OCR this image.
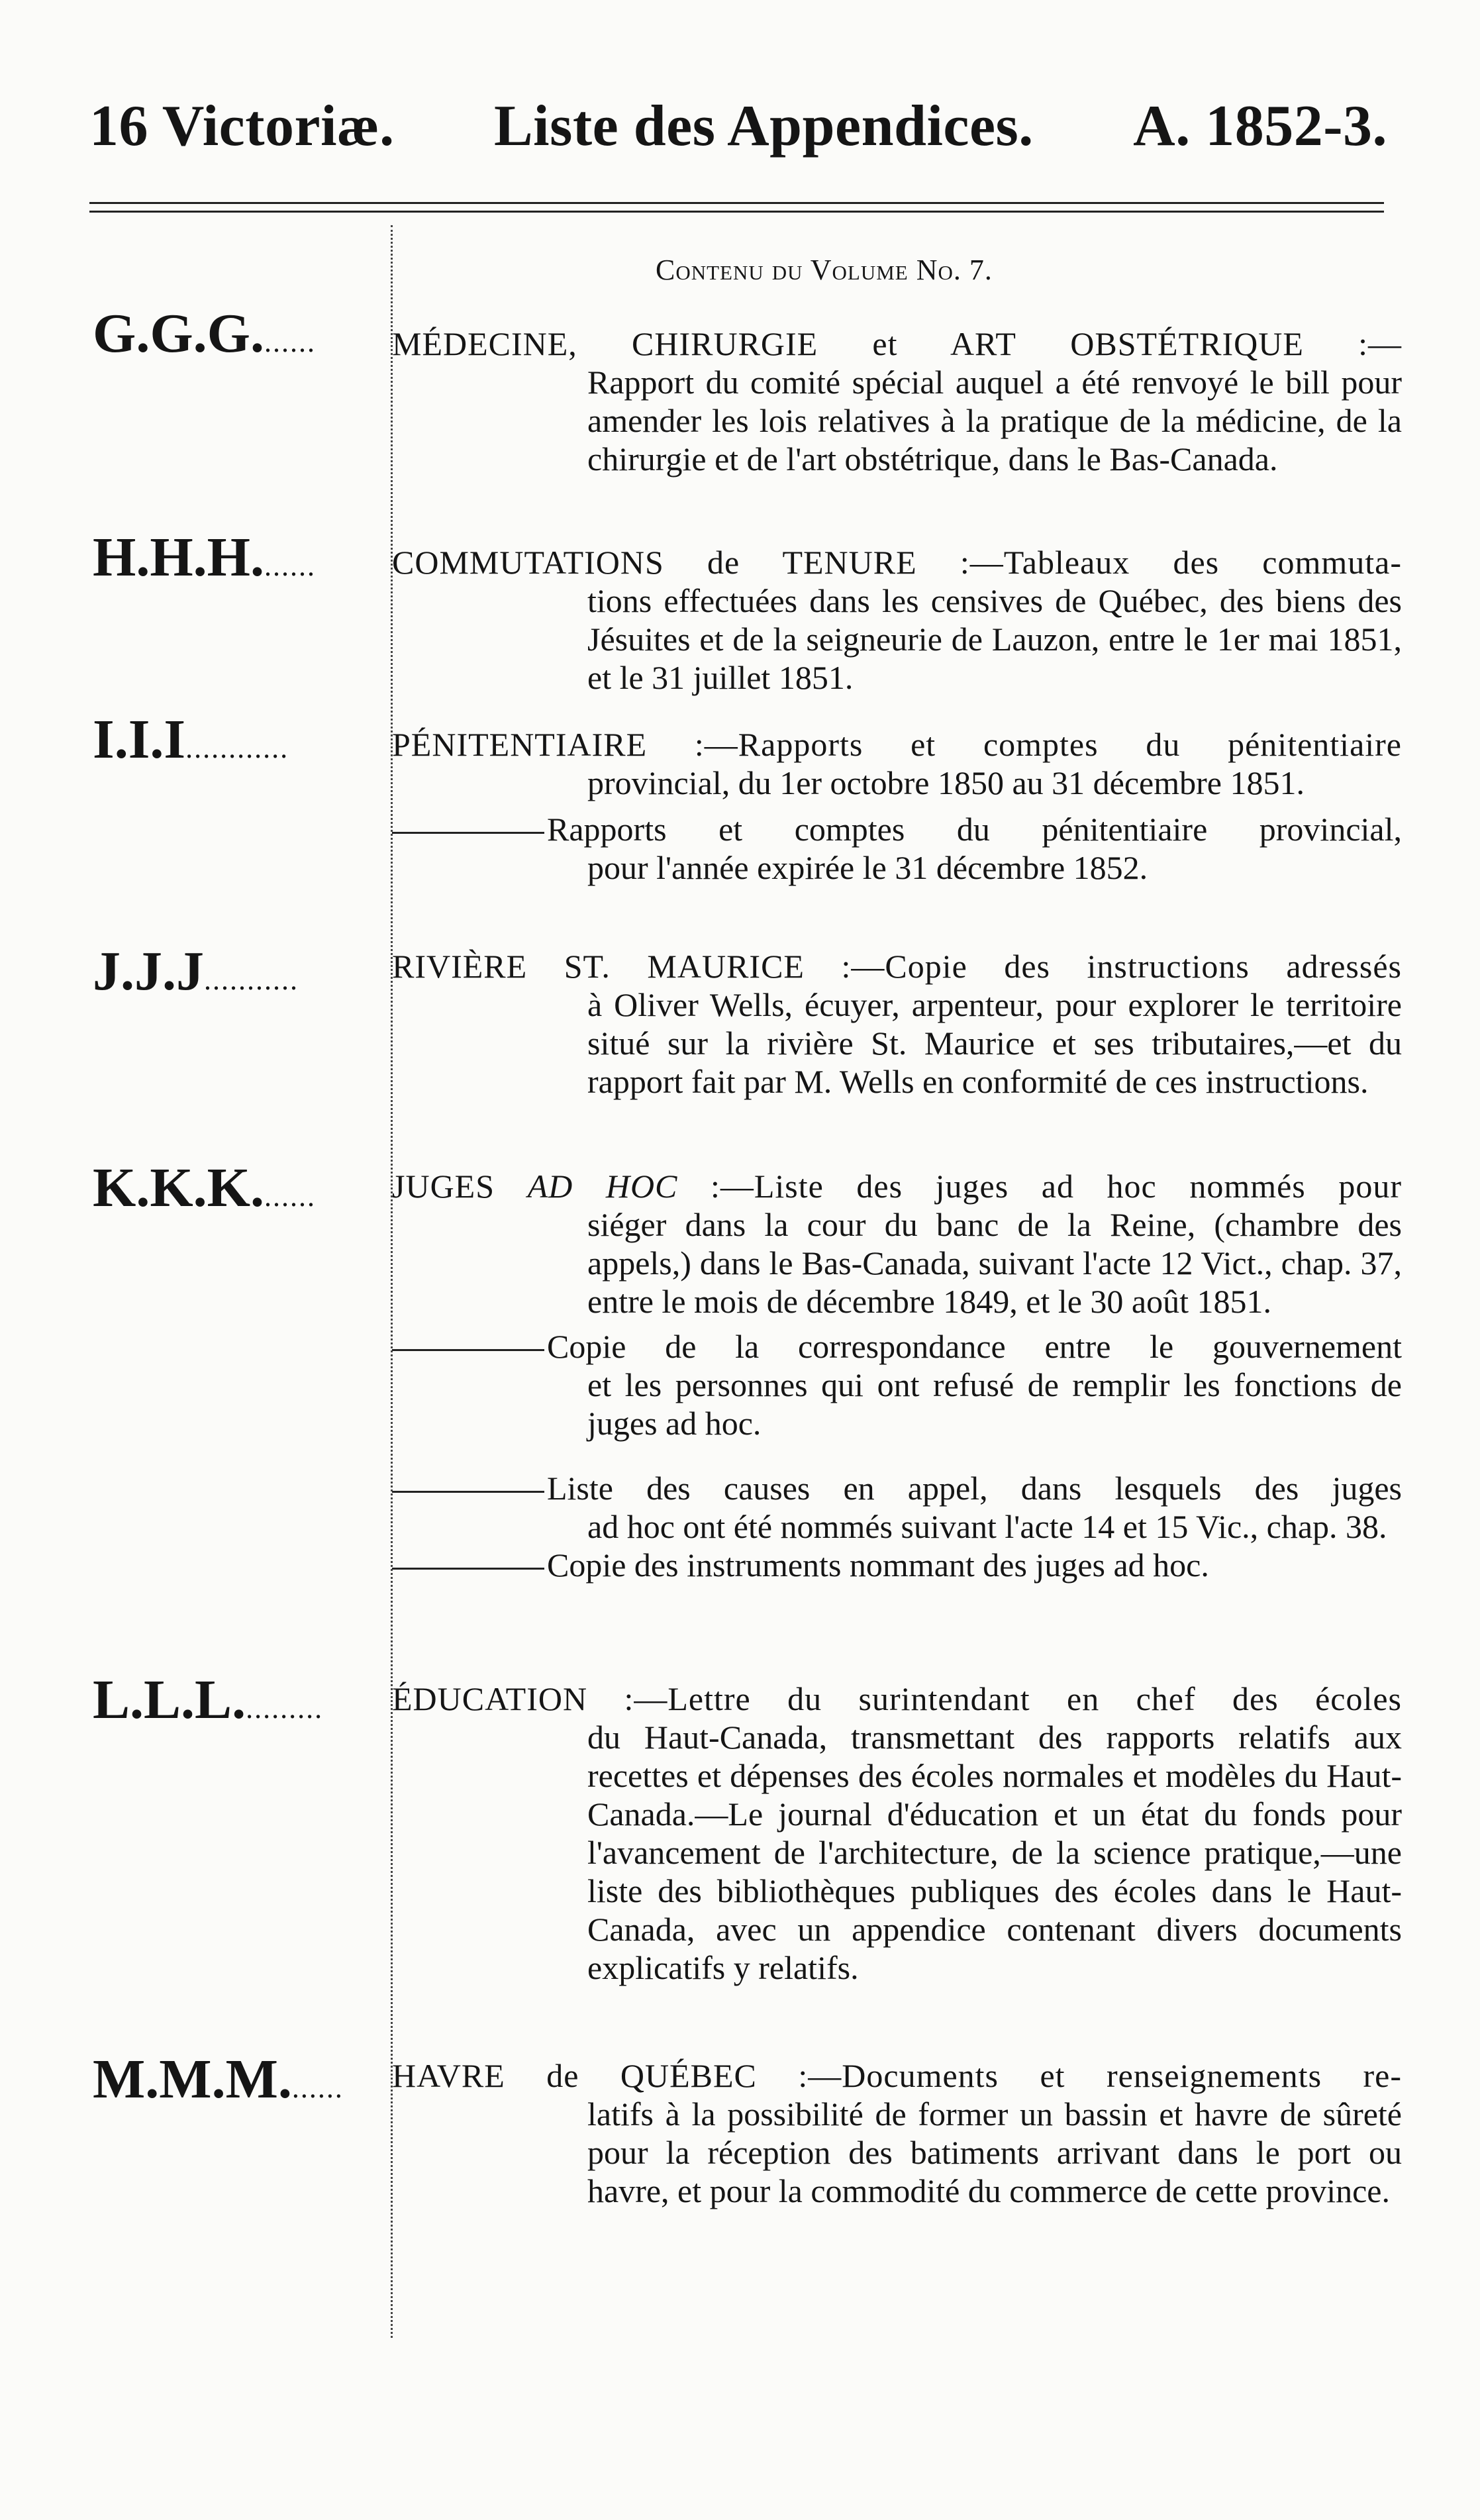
16 Victoriæ. Liste des Appendices. A. 1852-3.
Contenu du Volume No. 7.
G.G.G.......	MÉDECINE, CHIRURGIE et ART OBSTÉTRIQUE :—
Rapport du comité spécial auquel a été renvoyé le bill pour amender les lois relatives à la pratique de la médicine, de la chirurgie et de l'art obstétrique, dans le Bas-Canada.
H.H.H.......	COMMUTATIONS de TENURE :—Tableaux des commuta-
tions effectuées dans les censives de Québec, des biens des Jésuites et de la seigneurie de Lauzon, entre le 1er mai 1851, et le 31 juillet 1851.
I.I.I............	PÉNITENTIAIRE :—Rapports et comptes du pénitentiaire
provincial, du 1er octobre 1850 au 31 décembre 1851.
Rapports et comptes du pénitentiaire provincial,
pour l'année expirée le 31 décembre 1852.
J.J.J...........	RIVIÈRE ST. MAURICE :—Copie des instructions adressés
à Oliver Wells, écuyer, arpenteur, pour explorer le territoire situé sur la rivière St. Maurice et ses tributaires,—et du rapport fait par M. Wells en conformité de ces instructions.
K.K.K.......	JUGES AD HOC :—Liste des juges ad hoc nommés pour
siéger dans la cour du banc de la Reine, (chambre des appels,) dans le Bas-Canada, suivant l'acte 12 Vict., chap. 37, entre le mois de décembre 1849, et le 30 août 1851.
Copie de la correspondance entre le gouvernement
et les personnes qui ont refusé de remplir les fonctions de juges ad hoc.
Liste des causes en appel, dans lesquels des juges
ad hoc ont été nommés suivant l'acte 14 et 15 Vic., chap. 38.
Copie des instruments nommant des juges ad hoc.
L.L.L..........	ÉDUCATION :—Lettre du surintendant en chef des écoles
du Haut-Canada, transmettant des rapports relatifs aux recettes et dépenses des écoles normales et modèles du Haut-Canada.—Le journal d'éducation et un état du fonds pour l'avancement de l'architecture, de la science pratique,—une liste des bibliothèques publiques des écoles dans le Haut-Canada, avec un appendice contenant divers documents explicatifs y relatifs.
M.M.M.......	HAVRE de QUÉBEC :—Documents et renseignements re-
latifs à la possibilité de former un bassin et havre de sûreté pour la réception des batiments arrivant dans le port ou havre, et pour la commodité du commerce de cette province.
